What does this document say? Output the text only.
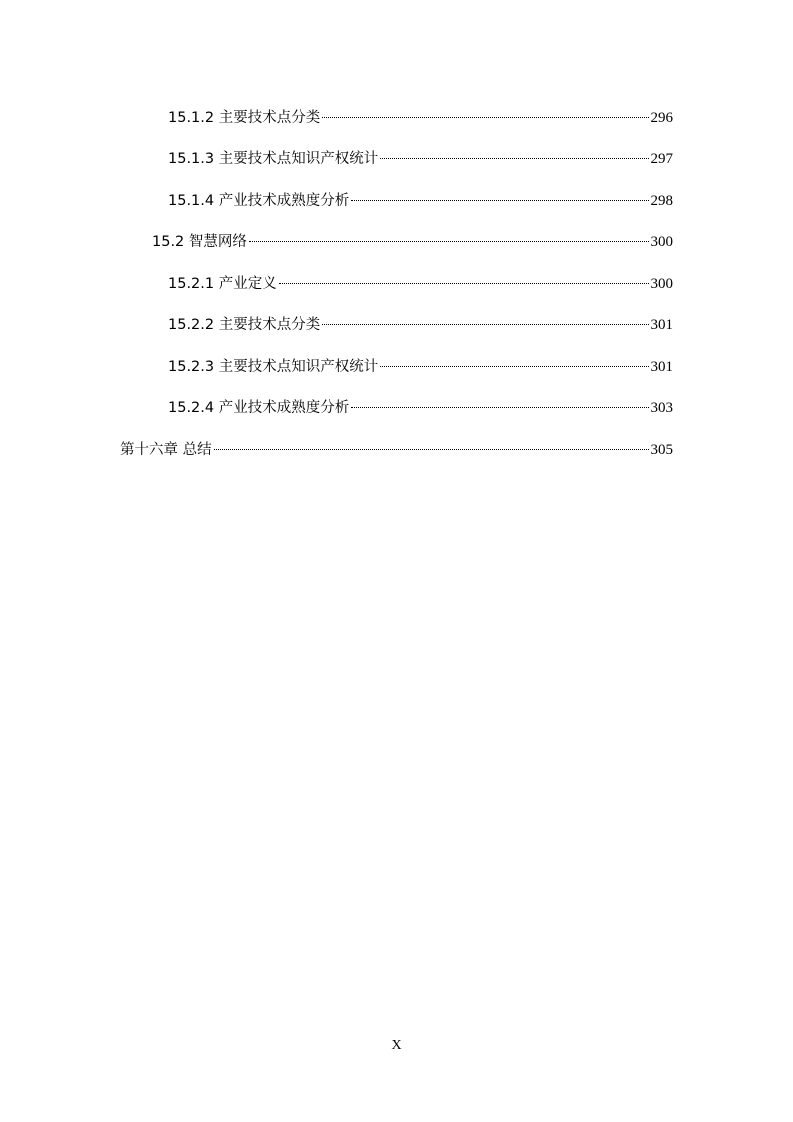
15.1.2 主要技术点分类	296
15.1.3 主要技术点知识产权统计	297
15.1.4 产业技术成熟度分析	298
15.2 智慧网络	300
15.2.1 产业定义	300
15.2.2 主要技术点分类	301
15.2.3 主要技术点知识产权统计	301
15.2.4 产业技术成熟度分析	303
第十六章 总结	305
X
